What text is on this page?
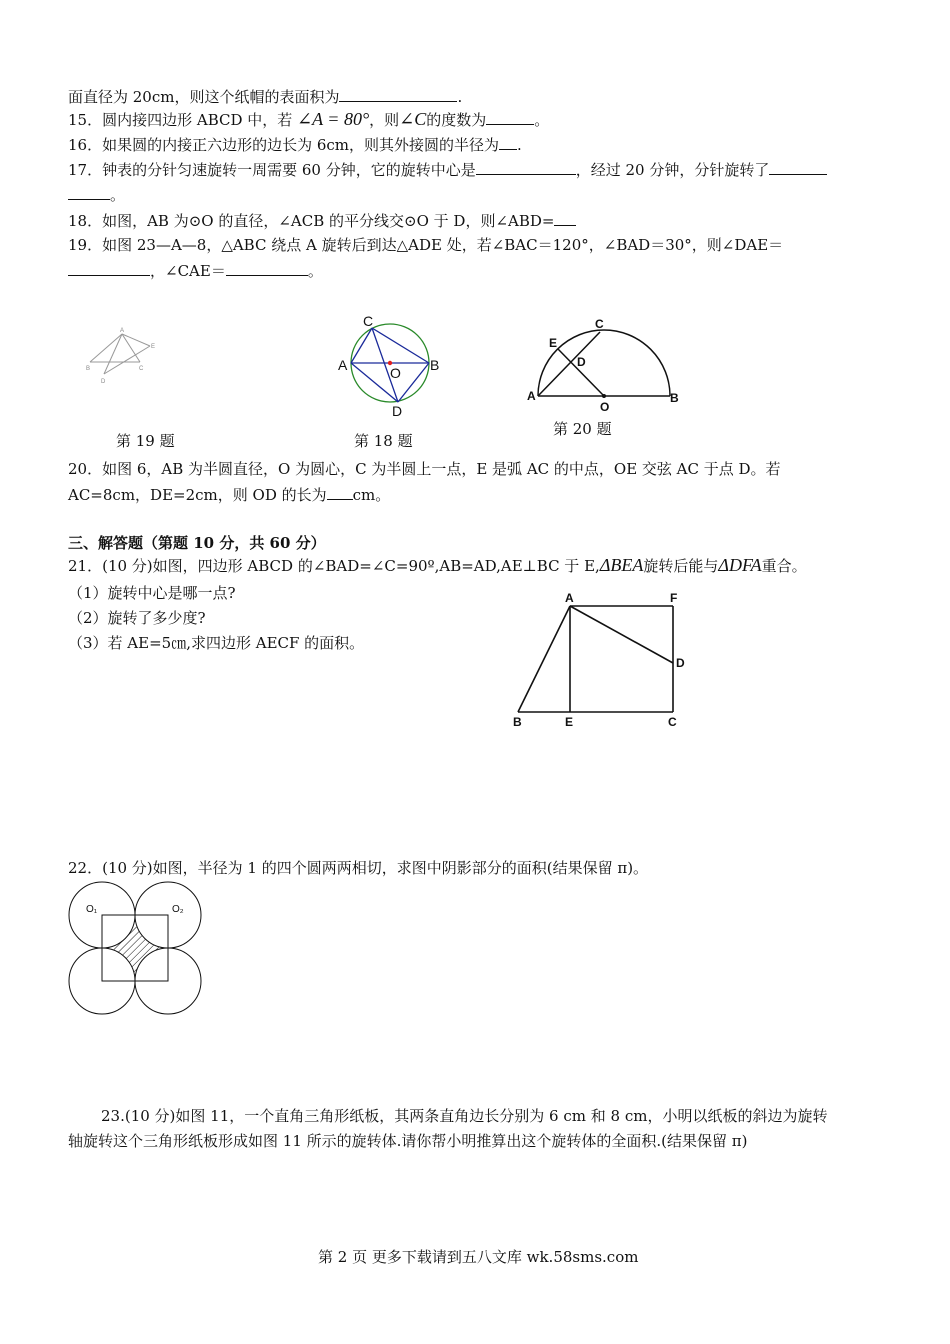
面直径为 20cm，则这个纸帽的表面积为	.
15．圆内接四边形 ABCD 中，若 ∠A = 80°，则∠C的度数为	。
16．如果圆的内接正六边形的边长为 6cm，则其外接圆的半径为 .
17．钟表的分针匀速旋转一周需要 60 分钟，它的旋转中心是	，经过 20 分钟，分针旋转了
。
18．如图，AB 为⊙O 的直径，∠ACB 的平分线交⊙O 于 D，则∠ABD=
19．如图 23—A—8，△ABC 绕点 A 旋转后到达△ADE 处，若∠BAC＝120°，∠BAD＝30°，则∠DAE＝
，∠CAE＝	。
A
B	C
D
E
第 19 题
C
A	B
O
D
第 18 题
C
E
D
A
O
B
第 20 题
20．如图 6，AB 为半圆直径，O 为圆心，C 为半圆上一点，E 是弧 AC 的中点，OE 交弦 AC 于点 D。若
AC=8cm，DE=2cm，则 OD 的长为 cm。
三、解答题（第题 10 分，共 60 分）
21．(10 分)如图，四边形 ABCD 的∠BAD=∠C=90º,AB=AD,AE⊥BC 于 E,ΔBEA旋转后能与ΔDFA重合。
（1）旋转中心是哪一点?
（2）旋转了多少度?
（3）若 AE=5㎝,求四边形 AECF 的面积。
A	F
D
B	E	C
22．(10 分)如图，半径为 1 的四个圆两两相切，求图中阴影部分的面积(结果保留 π)。
O₁	O₂
23.(10 分)如图 11，一个直角三角形纸板，其两条直角边长分别为 6 cm 和 8 cm，小明以纸板的斜边为旋转
轴旋转这个三角形纸板形成如图 11 所示的旋转体.请你帮小明推算出这个旋转体的全面积.(结果保留 π)
第 2 页 更多下载请到五八文库 wk.58sms.com
